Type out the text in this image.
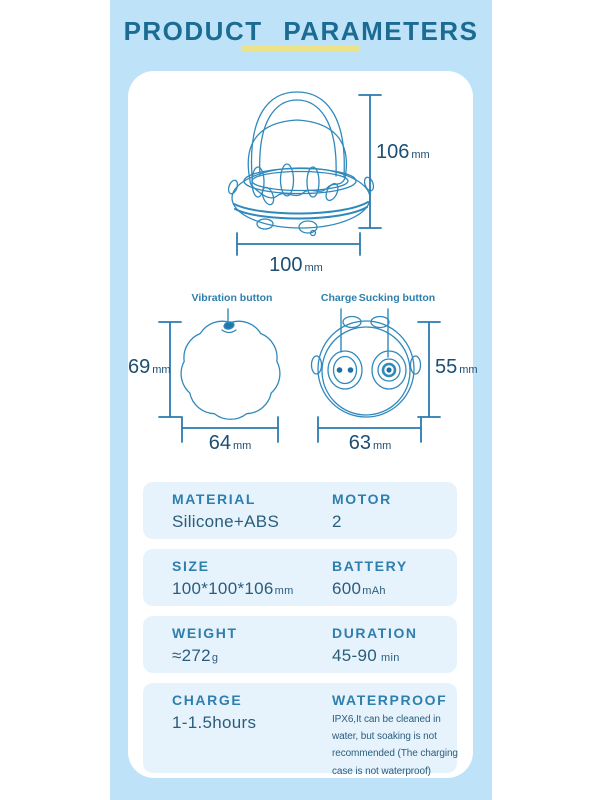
PRODUCT PARAMETERS
106 mm
100 mm
Vibration button
69 mm
64 mm
Charge Sucking button
55 mm
63 mm
MATERIAL
Silicone+ABS
MOTOR
2
SIZE
100*100*106mm
BATTERY
600mAh
WEIGHT
≈272g
DURATION
45-90 min
CHARGE
1-1.5hours
WATERPROOF
IPX6,It can be cleaned in water, but soaking is not recommended (The charging case is not waterproof)
